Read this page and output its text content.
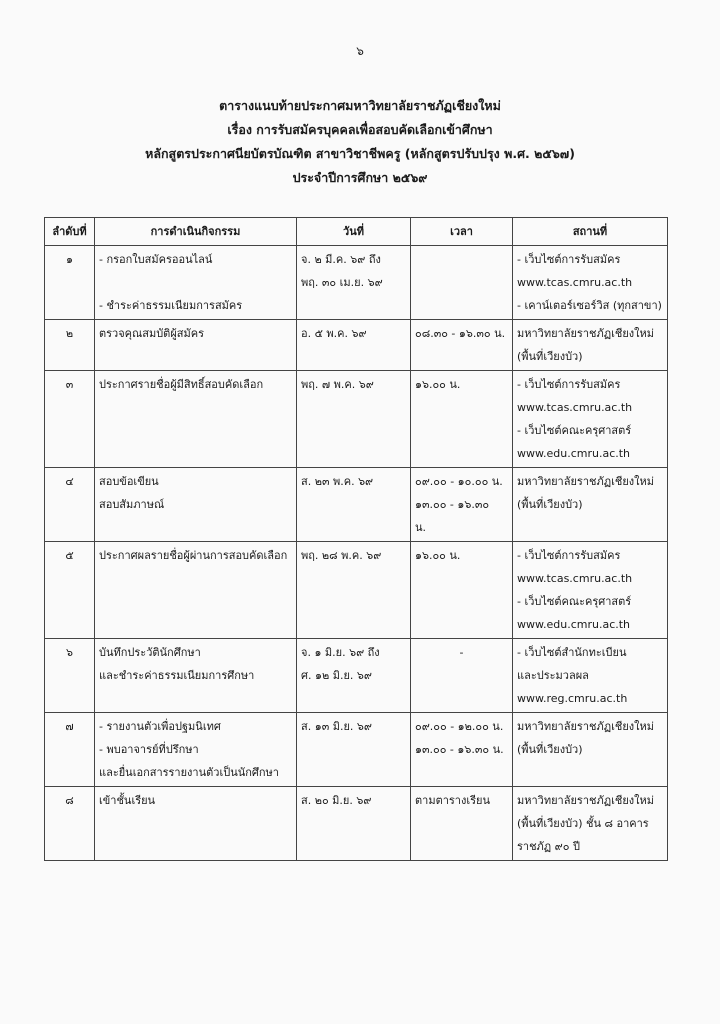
๖
ตารางแนบท้ายประกาศมหาวิทยาลัยราชภัฏเชียงใหม่
เรื่อง การรับสมัครบุคคลเพื่อสอบคัดเลือกเข้าศึกษา
หลักสูตรประกาศนียบัตรบัณฑิต สาขาวิชาชีพครู (หลักสูตรปรับปรุง พ.ศ. ๒๕๖๗)
ประจำปีการศึกษา ๒๕๖๙
ลำดับที่	การดำเนินกิจกรรม	วันที่	เวลา	สถานที่
๑	- กรอกใบสมัครออนไลน์
- ชำระค่าธรรมเนียมการสมัคร	จ. ๒ มี.ค. ๖๙ ถึง
พฤ. ๓๐ เม.ย. ๖๙		- เว็บไซต์การรับสมัคร
www.tcas.cmru.ac.th
- เคาน์เตอร์เซอร์วิส (ทุกสาขา)

๒	ตรวจคุณสมบัติผู้สมัคร	อ. ๕ พ.ค. ๖๙	๐๘.๓๐ - ๑๖.๓๐ น.	มหาวิทยาลัยราชภัฏเชียงใหม่
(พื้นที่เวียงบัว)

๓	ประกาศรายชื่อผู้มีสิทธิ์สอบคัดเลือก	พฤ. ๗ พ.ค. ๖๙	๑๖.๐๐ น.	- เว็บไซต์การรับสมัคร
www.tcas.cmru.ac.th
- เว็บไซต์คณะครุศาสตร์
www.edu.cmru.ac.th

๔	สอบข้อเขียน
สอบสัมภาษณ์	ส. ๒๓ พ.ค. ๖๙	๐๙.๐๐ - ๑๐.๐๐ น.
๑๓.๐๐ - ๑๖.๓๐
น.	มหาวิทยาลัยราชภัฏเชียงใหม่
(พื้นที่เวียงบัว)

๕	ประกาศผลรายชื่อผู้ผ่านการสอบคัดเลือก	พฤ. ๒๘ พ.ค. ๖๙	๑๖.๐๐ น.	- เว็บไซต์การรับสมัคร
www.tcas.cmru.ac.th
- เว็บไซต์คณะครุศาสตร์
www.edu.cmru.ac.th

๖	บันทึกประวัตินักศึกษา
และชำระค่าธรรมเนียมการศึกษา	จ. ๑ มิ.ย. ๖๙ ถึง
ศ. ๑๒ มิ.ย. ๖๙	-	- เว็บไซต์สำนักทะเบียน
และประมวลผล
www.reg.cmru.ac.th

๗	- รายงานตัวเพื่อปฐมนิเทศ
- พบอาจารย์ที่ปรึกษา
และยื่นเอกสารรายงานตัวเป็นนักศึกษา	ส. ๑๓ มิ.ย. ๖๙	๐๙.๐๐ - ๑๒.๐๐ น.
๑๓.๐๐ - ๑๖.๓๐ น.	มหาวิทยาลัยราชภัฏเชียงใหม่
(พื้นที่เวียงบัว)

๘	เข้าชั้นเรียน	ส. ๒๐ มิ.ย. ๖๙	ตามตารางเรียน	มหาวิทยาลัยราชภัฏเชียงใหม่
(พื้นที่เวียงบัว) ชั้น ๘ อาคาร
ราชภัฏ ๙๐ ปี
